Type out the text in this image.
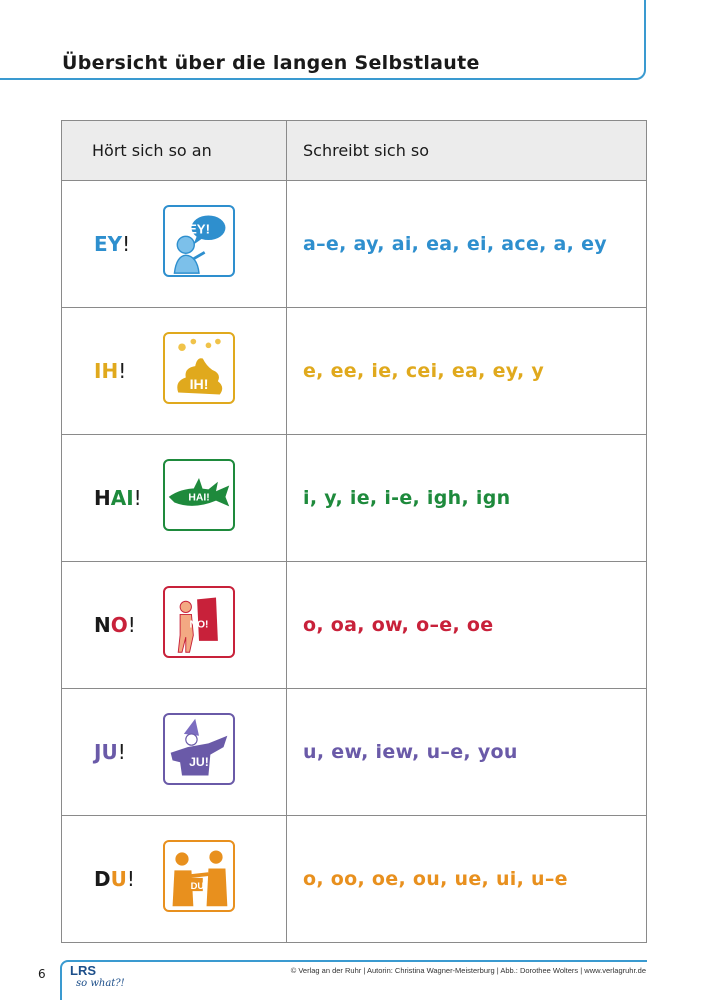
Übersicht über die langen Selbstlaute
Hört sich so an	Schreibt sich so

EY!
EY!	a–e, ay, ai, ea, ei, ace, a, ey

IH!
IH!	e, ee, ie, cei, ea, ey, y

HAI! HAI!	i, y, ie, i-e, igh, ign

NO! NO!	o, oa, ow, o–e, oe

JU! JU!	u, ew, iew, u–e, you

DU! DU!	o, oo, oe, ou, ue, ui, u–e
6 LRS
so what?!
© Verlag an der Ruhr | Autorin: Christina Wagner-Meisterburg | Abb.: Dorothee Wolters | www.verlagruhr.de
